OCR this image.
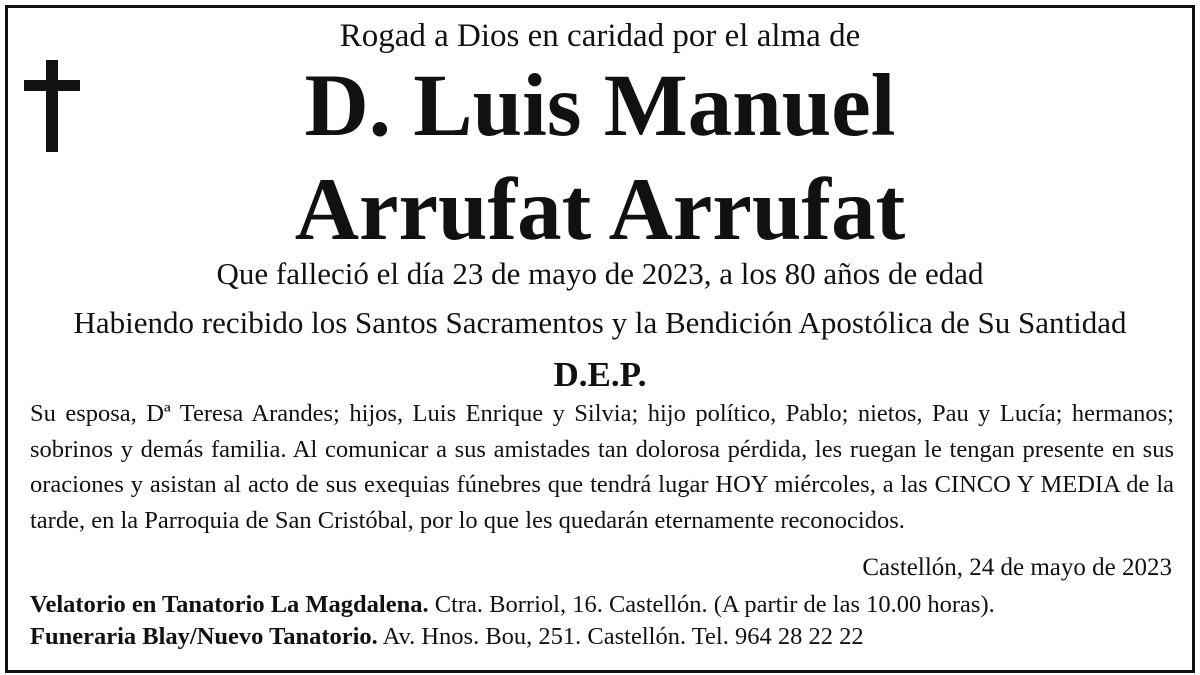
Rogad a Dios en caridad por el alma de
D. Luis Manuel
Arrufat Arrufat
Que falleció el día 23 de mayo de 2023, a los 80 años de edad
Habiendo recibido los Santos Sacramentos y la Bendición Apostólica de Su Santidad
D.E.P.
Su esposa, Dª Teresa Arandes; hijos, Luis Enrique y Silvia; hijo político, Pablo; nietos, Pau y Lucía; hermanos; sobrinos y demás familia. Al comunicar a sus amistades tan dolorosa pérdida, les ruegan le tengan presente en sus oraciones y asistan al acto de sus exequias fúnebres que tendrá lugar HOY miércoles, a las CINCO Y MEDIA de la tarde, en la Parroquia de San Cristóbal, por lo que les quedarán eternamente reconocidos.
Castellón, 24 de mayo de 2023
Velatorio en Tanatorio La Magdalena. Ctra. Borriol, 16. Castellón. (A partir de las 10.00 horas).
Funeraria Blay/Nuevo Tanatorio. Av. Hnos. Bou, 251. Castellón. Tel. 964 28 22 22
